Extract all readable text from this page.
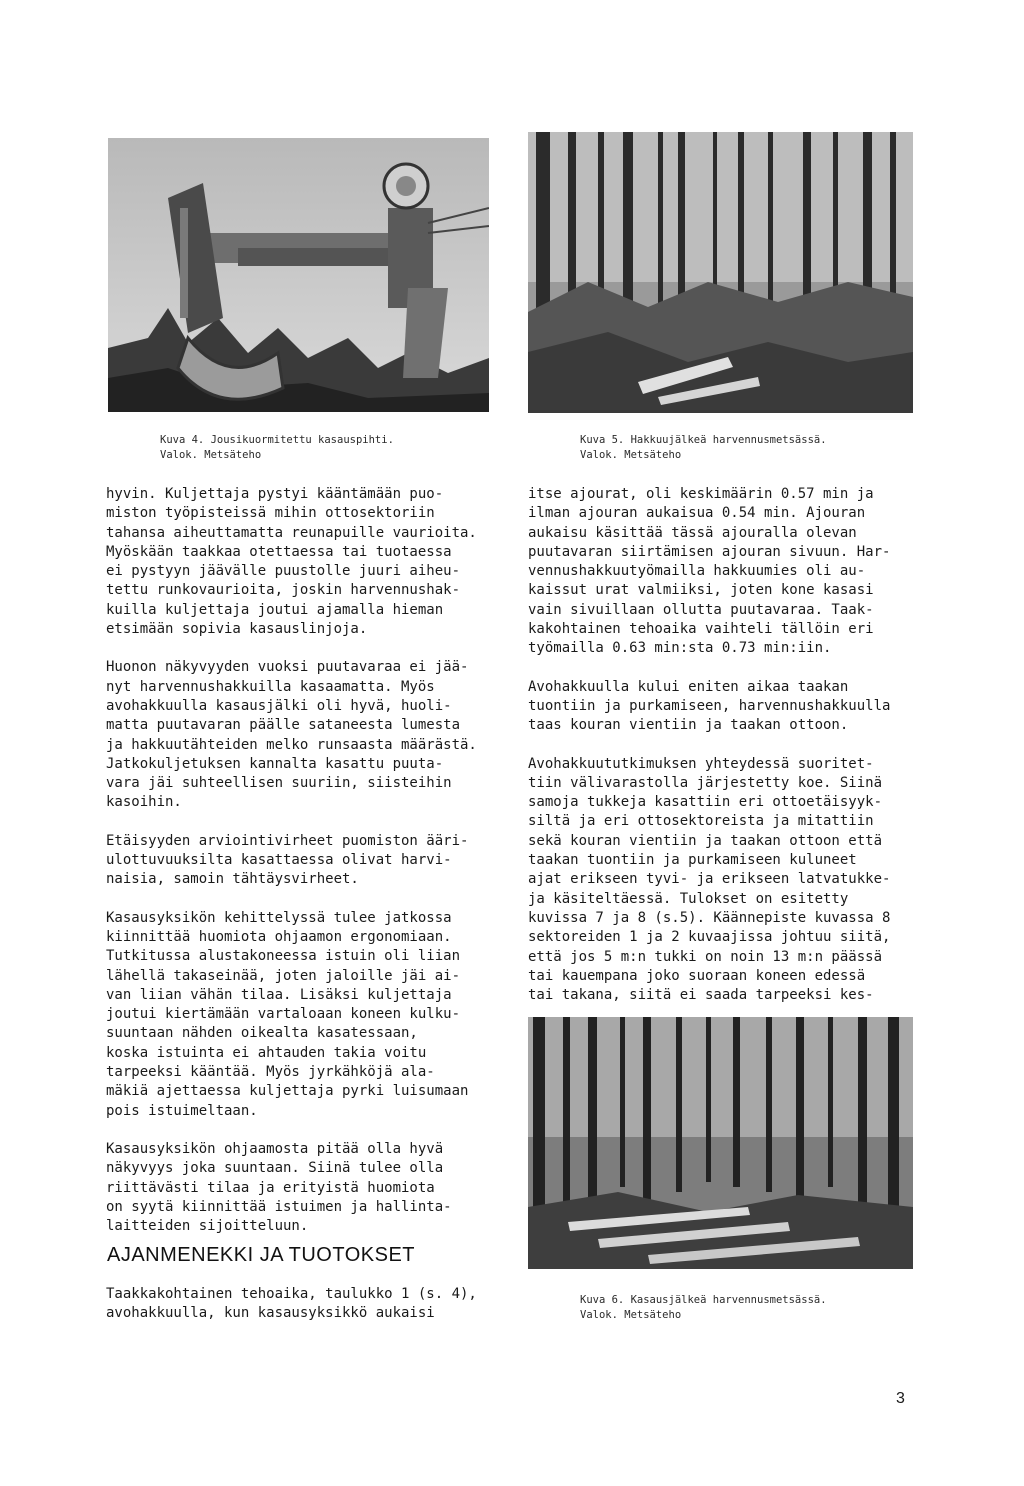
Kuva 4. Jousikuormitettu kasauspihti.
Valok. Metsäteho
Kuva 5. Hakkuujälkeä harvennusmetsässä.
Valok. Metsäteho
hyvin. Kuljettaja pystyi kääntämään puo-
miston työpisteissä mihin ottosektoriin
tahansa aiheuttamatta reunapuille vaurioita.
Myöskään taakkaa otettaessa tai tuotaessa
ei pystyyn jäävälle puustolle juuri aiheu-
tettu runkovaurioita, joskin harvennushak-
kuilla kuljettaja joutui ajamalla hieman
etsimään sopivia kasauslinjoja.
Huonon näkyvyyden vuoksi puutavaraa ei jää-
nyt harvennushakkuilla kasaamatta. Myös
avohakkuulla kasausjälki oli hyvä, huoli-
matta puutavaran päälle sataneesta lumesta
ja hakkuutähteiden melko runsaasta määrästä.
Jatkokuljetuksen kannalta kasattu puuta-
vara jäi suhteellisen suuriin, siisteihin
kasoihin.
Etäisyyden arviointivirheet puomiston ääri-
ulottuvuuksilta kasattaessa olivat harvi-
naisia, samoin tähtäysvirheet.
Kasausyksikön kehittelyssä tulee jatkossa
kiinnittää huomiota ohjaamon ergonomiaan.
Tutkitussa alustakoneessa istuin oli liian
lähellä takaseinää, joten jaloille jäi ai-
van liian vähän tilaa. Lisäksi kuljettaja
joutui kiertämään vartaloaan koneen kulku-
suuntaan nähden oikealta kasatessaan,
koska istuinta ei ahtauden takia voitu
tarpeeksi kääntää. Myös jyrkähköjä ala-
mäkiä ajettaessa kuljettaja pyrki luisumaan
pois istuimeltaan.
Kasausyksikön ohjaamosta pitää olla hyvä
näkyvyys joka suuntaan. Siinä tulee olla
riittävästi tilaa ja erityistä huomiota
on syytä kiinnittää istuimen ja hallinta-
laitteiden sijoitteluun.
AJANMENEKKI JA TUOTOKSET
Taakkakohtainen tehoaika, taulukko 1 (s. 4),
avohakkuulla, kun kasausyksikkö aukaisi
itse ajourat, oli keskimäärin 0.57 min ja
ilman ajouran aukaisua 0.54 min. Ajouran
aukaisu käsittää tässä ajouralla olevan
puutavaran siirtämisen ajouran sivuun. Har-
vennushakkuutyömailla hakkuumies oli au-
kaissut urat valmiiksi, joten kone kasasi
vain sivuillaan ollutta puutavaraa. Taak-
kakohtainen tehoaika vaihteli tällöin eri
työmailla 0.63 min:sta 0.73 min:iin.
Avohakkuulla kului eniten aikaa taakan
tuontiin ja purkamiseen, harvennushakkuulla
taas kouran vientiin ja taakan ottoon.
Avohakkuututkimuksen yhteydessä suoritet-
tiin välivarastolla järjestetty koe. Siinä
samoja tukkeja kasattiin eri ottoetäisyyk-
siltä ja eri ottosektoreista ja mitattiin
sekä kouran vientiin ja taakan ottoon että
taakan tuontiin ja purkamiseen kuluneet
ajat erikseen tyvi- ja erikseen latvatukke-
ja käsiteltäessä. Tulokset on esitetty
kuvissa 7 ja 8 (s.5). Käännepiste kuvassa 8
sektoreiden 1 ja 2 kuvaajissa johtuu siitä,
että jos 5 m:n tukki on noin 13 m:n päässä
tai kauempana joko suoraan koneen edessä
tai takana, siitä ei saada tarpeeksi kes-
Kuva 6. Kasausjälkeä harvennusmetsässä.
Valok. Metsäteho
3
